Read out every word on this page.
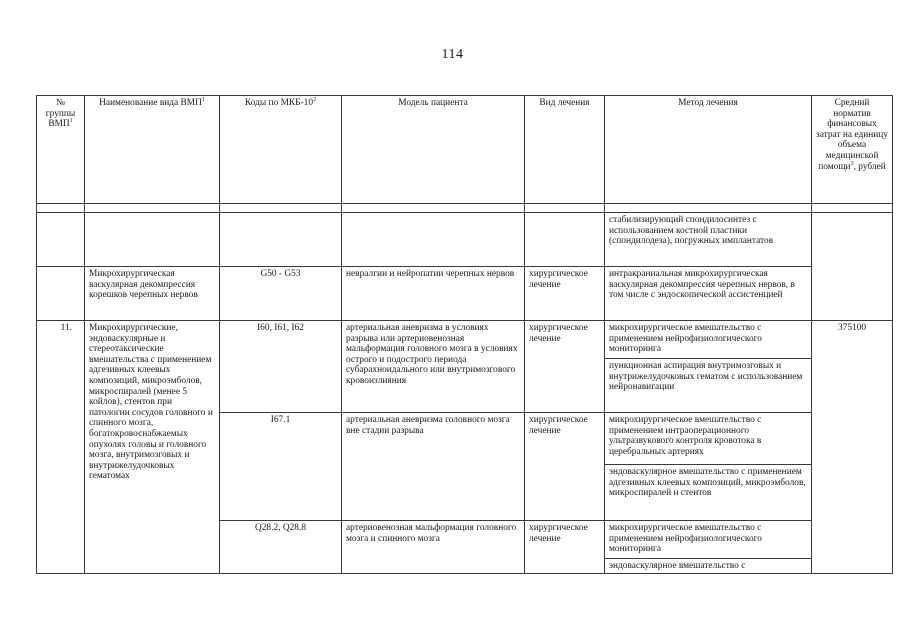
114
№ группы ВМП$^1$	Наименование вида ВМП$^1$	Коды по МКБ-$10^2$	Модель пациента	Вид лечения	Метод лечения	Средний норматив финансовых затрат на единицу объема медицинской помощи$^3$, рублей

					стабилизирующий спондилосинтез с использованием костной пластики (спондилодеза), погружных имплантатов	
	Микрохирургическая васкулярная декомпрессия корешков черепных нервов	G50 - G53	невралгии и нейропатии черепных нервов	хирургическое лечение	интракраниальная микрохирургическая васкулярная декомпрессия черепных нервов, в том числе с эндоскопической ассистенцией	
11.	Микрохирургические, эндоваскулярные и стереотаксические вмешательства с применением адгезивных клеевых композиций, микроэмболов, микроспиралей (менее 5 койлов), стентов при патологии сосудов головного и спинного мозга, богатокровоснабжаемых опухолях головы и головного мозга, внутримозговых и внутрижелудочковых гематомах	I60, I61, I62	артериальная аневризма в условиях разрыва или артериовенозная мальформация головного мозга в условиях острого и подострого периода субарахноидального или внутримозгового кровоизлияния	хирургическое лечение	микрохирургическое вмешательство с применением нейрофизиологического мониторинга	375100
					пункционная аспирация внутримозговых и внутрижелудочковых гематом с использованием нейронавигации	
		I67.1	артериальная аневризма головного мозга вне стадии разрыва	хирургическое лечение	микрохирургическое вмешательство с применением интраоперационного ультразвукового контроля кровотока в церебральных артериях	
					эндоваскулярное вмешательство с применением адгезивных клеевых композиций, микроэмболов, микроспиралей и стентов	
		Q28.2, Q28.8	артериовенозная мальформация головного мозга и спинного мозга	хирургическое лечение	микрохирургическое вмешательство с применением нейрофизиологического мониторинга	
					эндоваскулярное вмешательство с	
